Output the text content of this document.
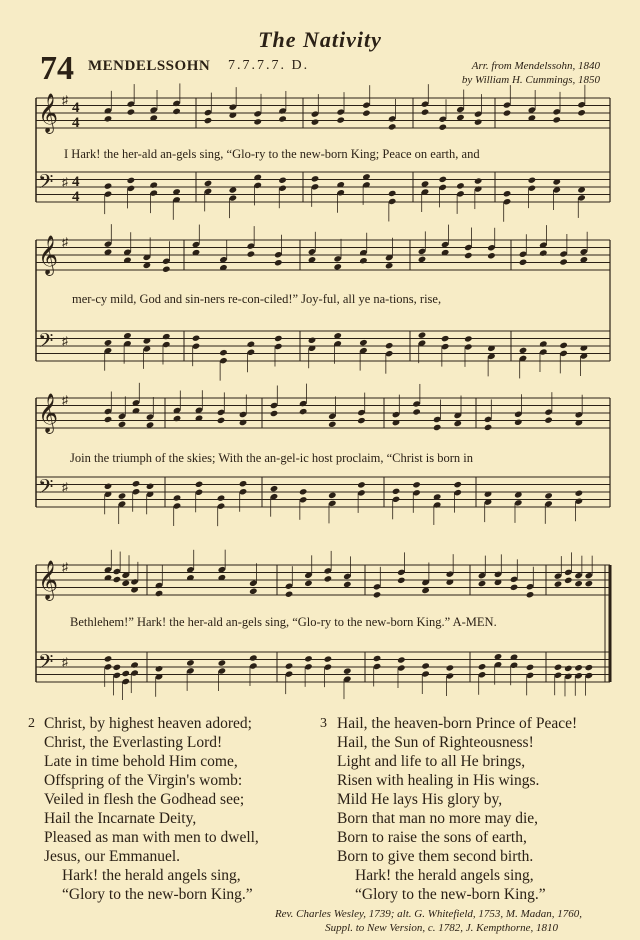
The Nativity
74 MENDELSSOHN 7.7.7.7. D.	Arr. from Mendelssohn, 1840
by William H. Cummings, 1850
𝄞 ♯ 4
4
𝄢 ♯ 4
4
𝄞 ♯
𝄢 ♯
𝄞 ♯
𝄢 ♯
𝄞 ♯
𝄢 ♯
I Hark! the her-ald an-gels sing, “Glo-ry to the new-born King; Peace on earth, and
mer-cy mild, God and sin-ners re-con-ciled!” Joy-ful, all ye na-tions, rise,
Join the triumph of the skies; With the an-gel-ic host proclaim, “Christ is born in
Bethlehem!” Hark! the her-ald an-gels sing, “Glo-ry to the new-born King.” A-MEN.
2 Christ, by highest heaven adored;
Christ, the Everlasting Lord!
Late in time behold Him come,
Offspring of the Virgin's womb:
Veiled in flesh the Godhead see;
Hail the Incarnate Deity,
Pleased as man with men to dwell,
Jesus, our Emmanuel.
Hark! the herald angels sing,
“Glory to the new-born King.”
3 Hail, the heaven-born Prince of Peace!
Hail, the Sun of Righteousness!
Light and life to all He brings,
Risen with healing in His wings.
Mild He lays His glory by,
Born that man no more may die,
Born to raise the sons of earth,
Born to give them second birth.
Hark! the herald angels sing,
“Glory to the new-born King.”
Rev. Charles Wesley, 1739; alt. G. Whitefield, 1753, M. Madan, 1760,
Suppl. to New Version, c. 1782, J. Kempthorne, 1810
